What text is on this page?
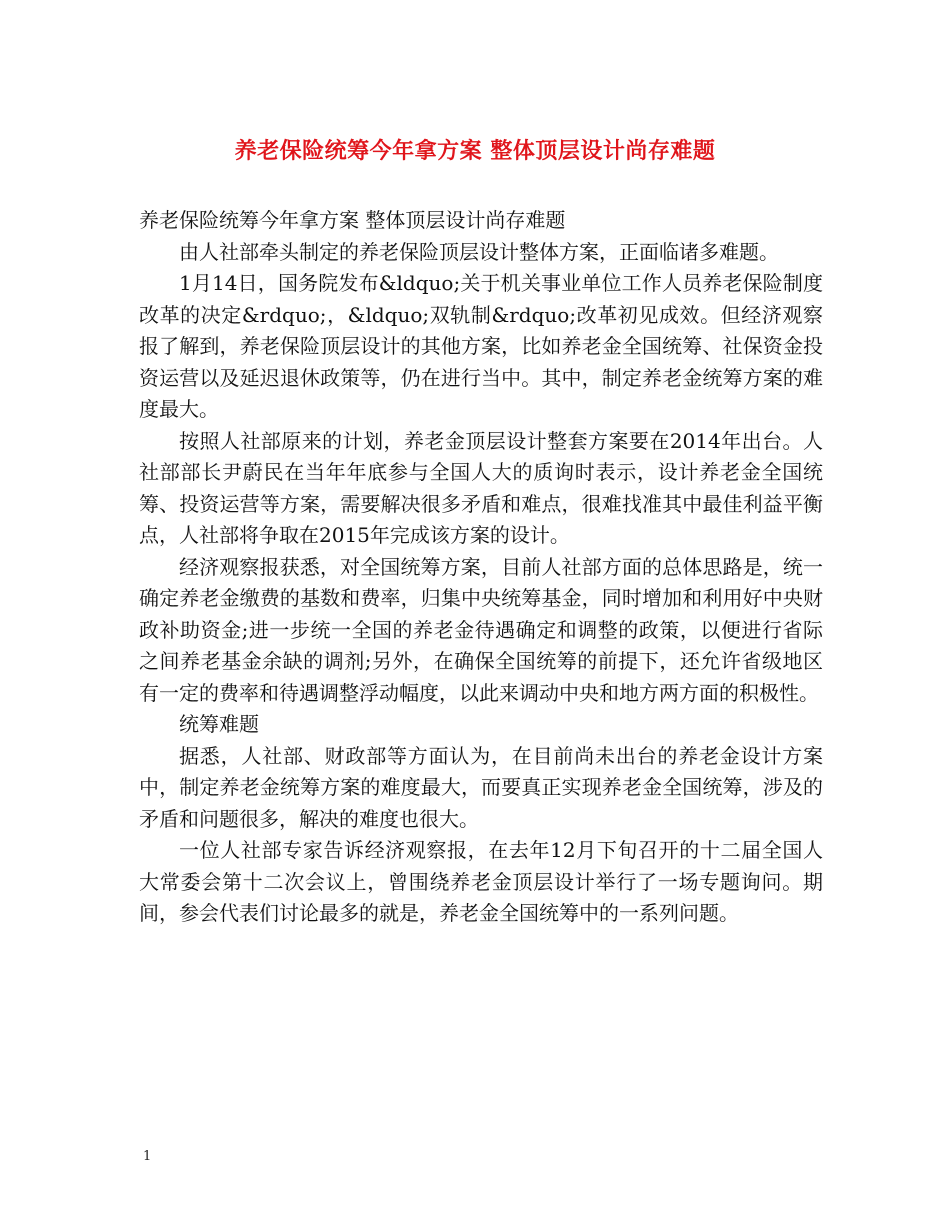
养老保险统筹今年拿方案 整体顶层设计尚存难题

养老保险统筹今年拿方案 整体顶层设计尚存难题

由人社部牵头制定的养老保险顶层设计整体方案，正面临诸多难题。

1月14日，国务院发布&ldquo;关于机关事业单位工作人员养老保险制度改革的决定&rdquo;，&ldquo;双轨制&rdquo;改革初见成效。但经济观察报了解到，养老保险顶层设计的其他方案，比如养老金全国统筹、社保资金投资运营以及延迟退休政策等，仍在进行当中。其中，制定养老金统筹方案的难度最大。

按照人社部原来的计划，养老金顶层设计整套方案要在2014年出台。人社部部长尹蔚民在当年年底参与全国人大的质询时表示，设计养老金全国统筹、投资运营等方案，需要解决很多矛盾和难点，很难找准其中最佳利益平衡点，人社部将争取在2015年完成该方案的设计。

经济观察报获悉，对全国统筹方案，目前人社部方面的总体思路是，统一确定养老金缴费的基数和费率，归集中央统筹基金，同时增加和利用好中央财政补助资金;进一步统一全国的养老金待遇确定和调整的政策，以便进行省际之间养老基金余缺的调剂;另外，在确保全国统筹的前提下，还允许省级地区有一定的费率和待遇调整浮动幅度，以此来调动中央和地方两方面的积极性。

统筹难题

据悉，人社部、财政部等方面认为，在目前尚未出台的养老金设计方案中，制定养老金统筹方案的难度最大，而要真正实现养老金全国统筹，涉及的矛盾和问题很多，解决的难度也很大。

一位人社部专家告诉经济观察报，在去年12月下旬召开的十二届全国人大常委会第十二次会议上，曾围绕养老金顶层设计举行了一场专题询问。期间，参会代表们讨论最多的就是，养老金全国统筹中的一系列问题。

1
